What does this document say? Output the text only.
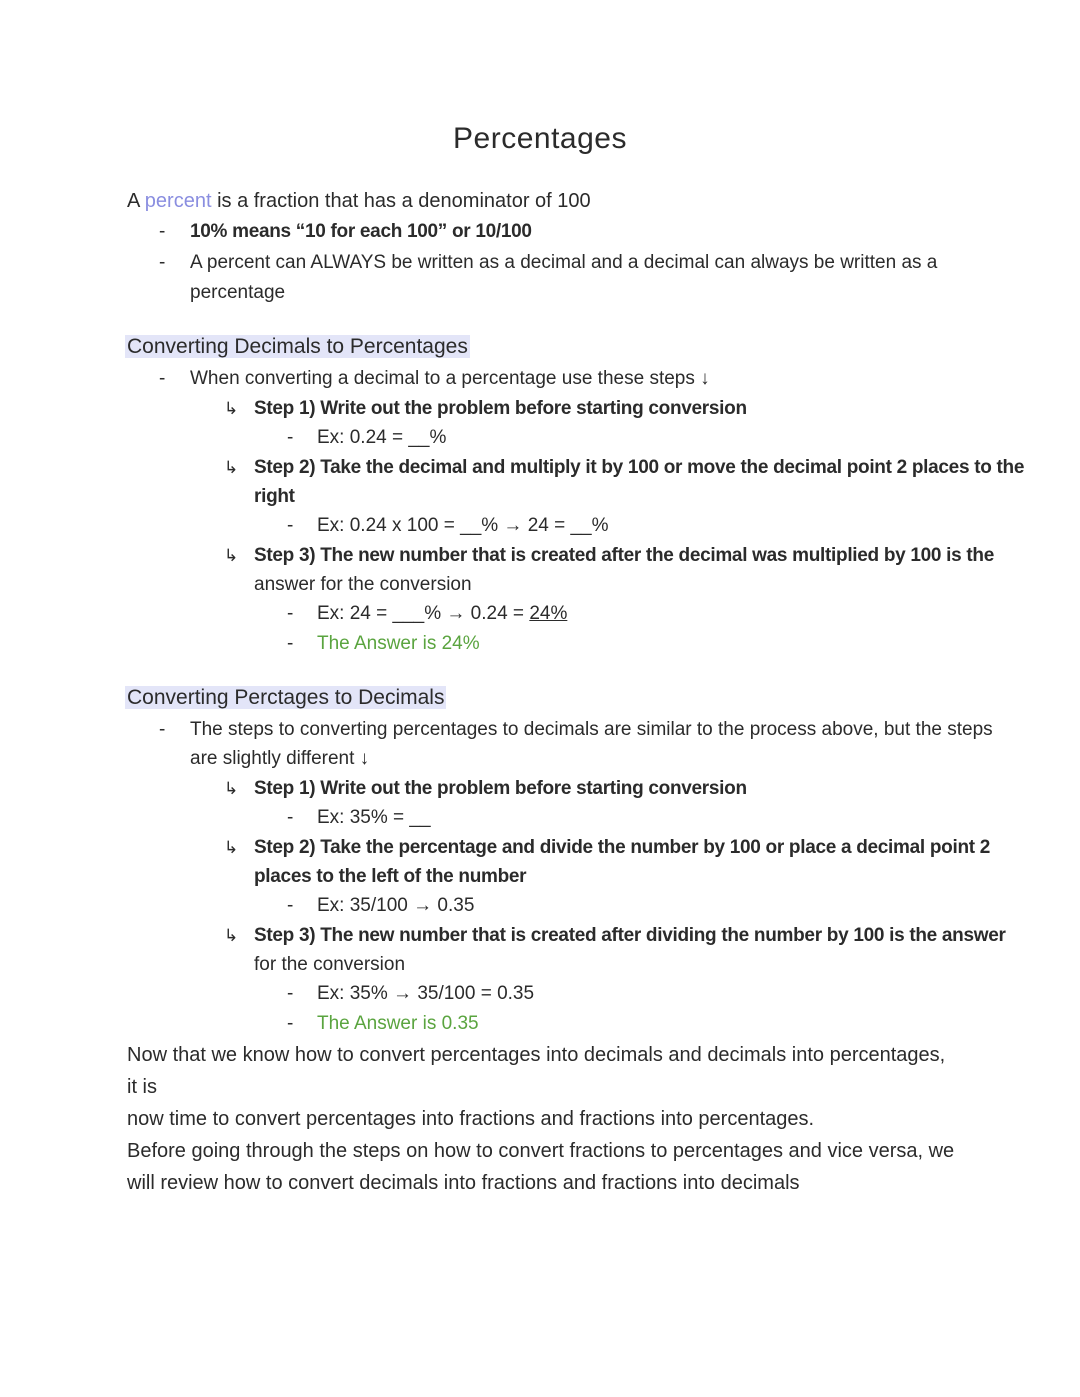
Percentages
A percent is a fraction that has a denominator of 100
- 10% means “10 for each 100” or 10/100
- A percent can ALWAYS be written as a decimal and a decimal can always be written as a
percentage
Converting Decimals to Percentages
- When converting a decimal to a percentage use these steps ↓
↳ Step 1) Write out the problem before starting conversion
- Ex: 0.24 = __%
↳ Step 2) Take the decimal and multiply it by 100 or move the decimal point 2 places to the
right
- Ex: 0.24 x 100 = __% → 24 = __%
↳ Step 3) The new number that is created after the decimal was multiplied by 100 is the
answer for the conversion
- Ex: 24 = ___% → 0.24 = 24%
- The Answer is 24%
Converting Perctages to Decimals
- The steps to converting percentages to decimals are similar to the process above, but the steps
are slightly different ↓
↳ Step 1) Write out the problem before starting conversion
- Ex: 35% = __
↳ Step 2) Take the percentage and divide the number by 100 or place a decimal point 2
places to the left of the number
- Ex: 35/100 → 0.35
↳ Step 3) The new number that is created after dividing the number by 100 is the answer
for the conversion
- Ex: 35% → 35/100 = 0.35
- The Answer is 0.35
Now that we know how to convert percentages into decimals and decimals into percentages, it is
now time to convert percentages into fractions and fractions into percentages.
Before going through the steps on how to convert fractions to percentages and vice versa, we
will review how to convert decimals into fractions and fractions into decimals
